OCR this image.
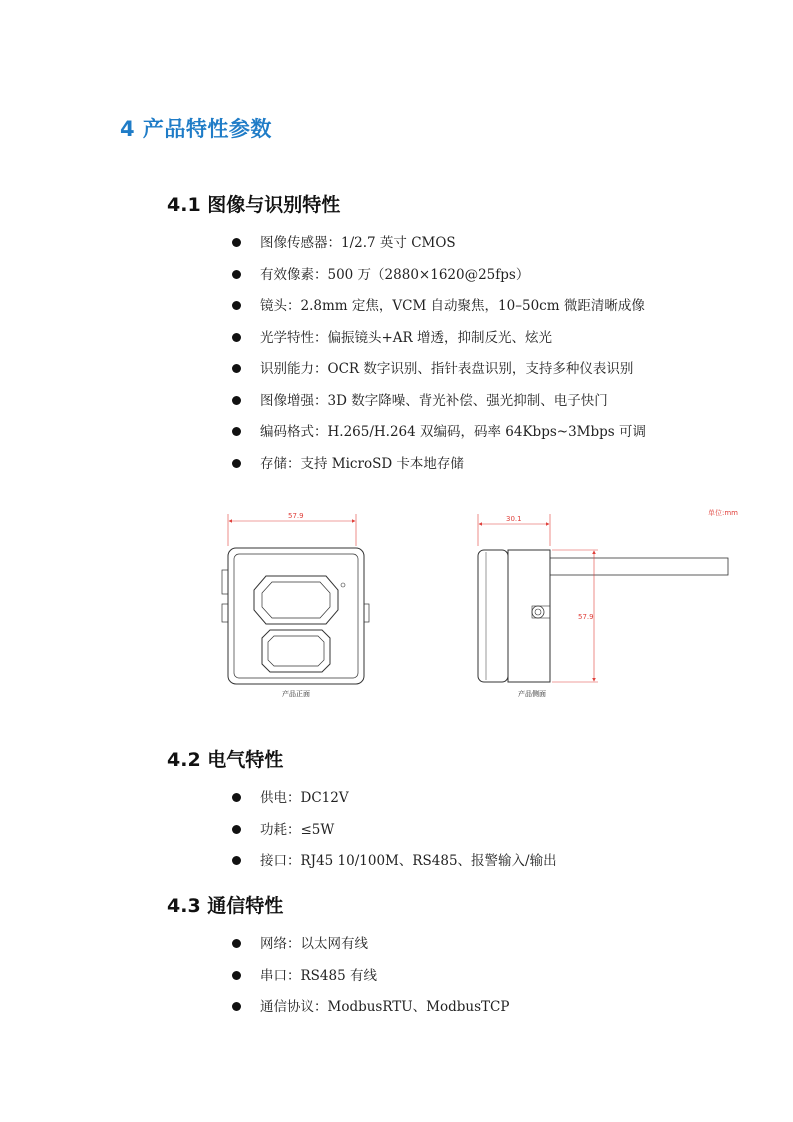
4 产品特性参数
4.1 图像与识别特性
图像传感器：1/2.7 英寸 CMOS
有效像素：500 万（2880×1620@25fps）
镜头：2.8mm 定焦，VCM 自动聚焦，10–50cm 微距清晰成像
光学特性：偏振镜头+AR 增透，抑制反光、炫光
识别能力：OCR 数字识别、指针表盘识别，支持多种仪表识别
图像增强：3D 数字降噪、背光补偿、强光抑制、电子快门
编码格式：H.265/H.264 双编码，码率 64Kbps~3Mbps 可调
存储：支持 MicroSD 卡本地存储
单位:mm
57.9
产品正面
30.1
57.9
产品侧面
4.2 电气特性
供电：DC12V
功耗：≤5W
接口：RJ45 10/100M、RS485、报警输入/输出
4.3 通信特性
网络：以太网有线
串口：RS485 有线
通信协议：ModbusRTU、ModbusTCP
